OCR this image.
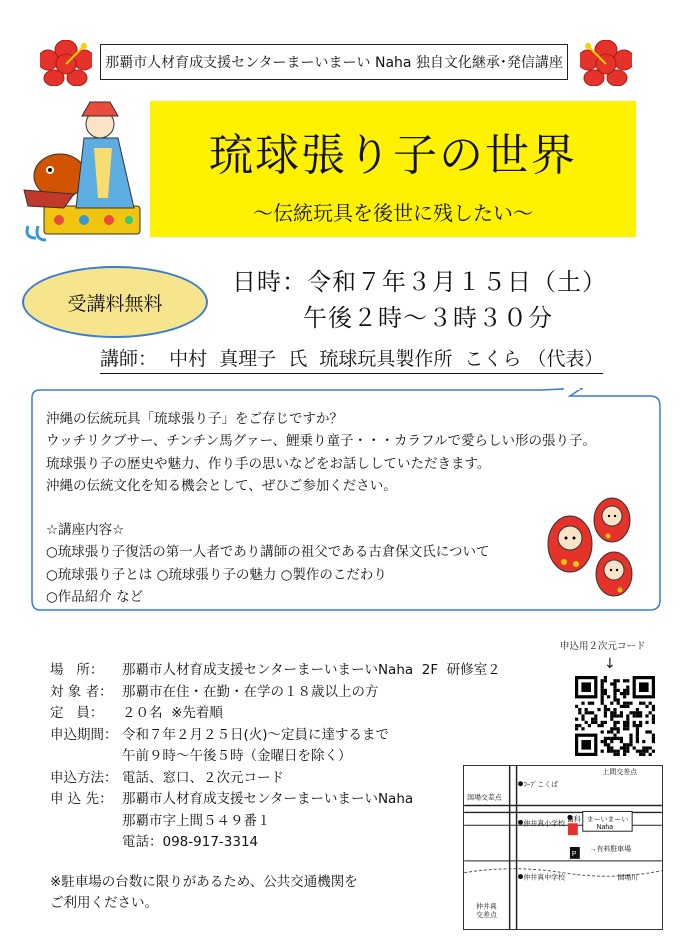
那覇市人材育成支援センターまーいまーい Naha 独自文化継承･発信講座
琉球張り子の世界
～伝統玩具を後世に残したい～
受講料無料
日時：令和７年３月１５日（土）
午後２時～３時３０分
講師：  中村  真理子  氏  琉球玩具製作所  こくら （代表）
沖縄の伝統玩具「琉球張り子」をご存じですか？
ウッチリクブサー、チンチン馬グァー、鯉乗り童子・・・カラフルで愛らしい形の張り子。
琉球張り子の歴史や魅力、作り手の思いなどをお話ししていただきます。
沖縄の伝統文化を知る機会として、ぜひご参加ください。
☆講座内容☆
○琉球張り子復活の第一人者であり講師の祖父である古倉保文氏について
○琉球張り子とは ○琉球張り子の魅力 ○製作のこだわり
○作品紹介 など
場   所：	那覇市人材育成支援センターまーいまーいNaha  2F  研修室２
対 象 者： 那覇市在住・在勤・在学の１８歳以上の方
定   員：	２０名  ※先着順
申込期間： 令和７年２月２５日(火)～定員に達するまで
午前９時～午後５時（金曜日を除く）
申込方法： 電話、窓口、２次元コード
申 込 先： 那覇市人材育成支援センターまーいまーいNaha
那覇市字上間５４９番１
電話：098-917-3314
※駐車場の台数に限りがあるため、公共交通機関を
ご利用ください。
申込用２次元コード
↓
ｺｰﾌﾟこくば
国場交差点
上間交差点
仲井真小学校
歯科 まーいまーい
Naha
→有料駐車場
P
仲井真中学校	国場川
仲井真
交差点
